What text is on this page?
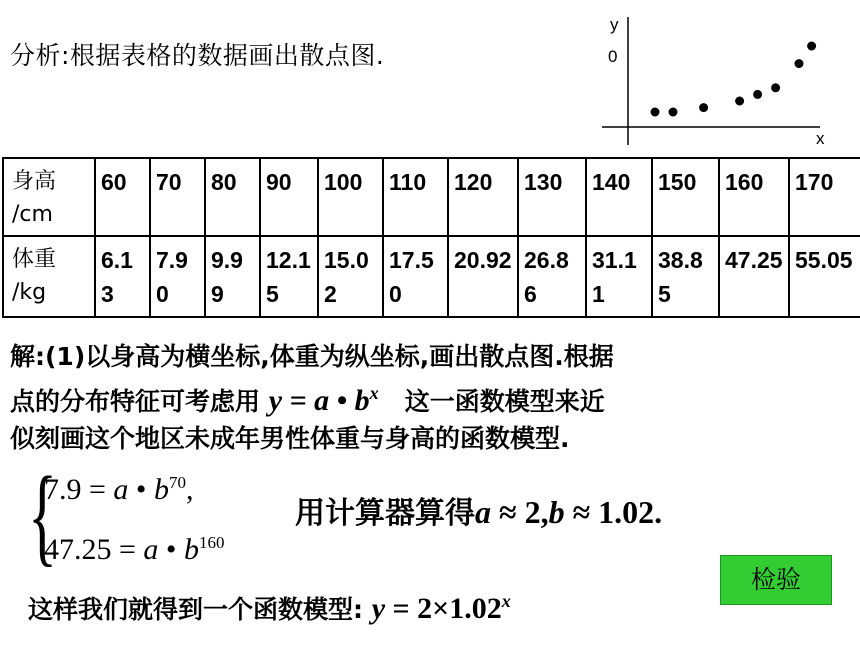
分析:根据表格的数据画出散点图.
y
0
x
身高
/cm	60	70	80	90	100	110	120	130	140	150	160	170
体重
/kg	6.13	7.90	9.99	12.15	15.02	17.50	20.92	26.86	31.11	38.85	47.25	55.05
解:(1)以身高为横坐标,体重为纵坐标,画出散点图.根据
点的分布特征可考虑用 y = a • $b^x$ 这一函数模型来近
似刻画这个地区未成年男性体重与身高的函数模型.
{
7.9 = a • $b^{70}$,
47.25 = a • $b^{160}$
用计算器算得a ≈ 2,b ≈ 1.02.
检验
这样我们就得到一个函数模型: $y = 2\times 1.02^x$
